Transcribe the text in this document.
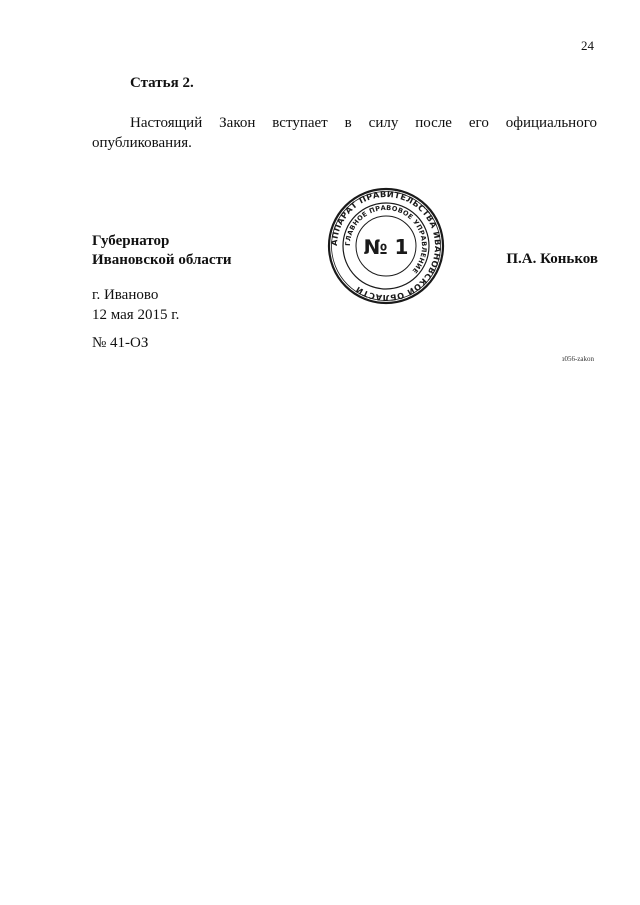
24
Статья 2.
Настоящий Закон вступает в силу после его официального опубликования.
Губернатор
Ивановской области	П.А. Коньков
АППАРАТ ПРАВИТЕЛЬСТВА ИВАНОВСКОЙ ОБЛАСТИ
ГЛАВНОЕ ПРАВОВОЕ УПРАВЛЕНИЕ
№ 1
г. Иваново
12 мая 2015 г.
№ 41-ОЗ
з056-zakon
